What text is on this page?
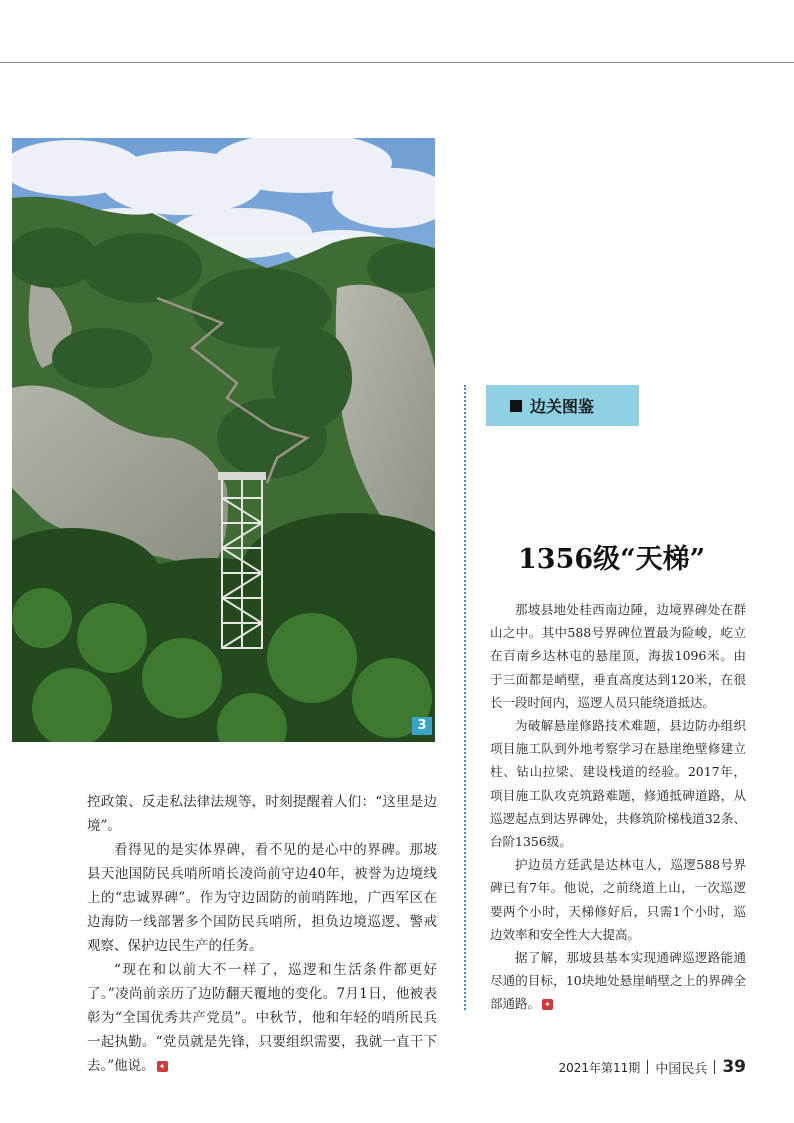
3

控政策、反走私法律法规等，时刻提醒着人们：“这里是边境”。

看得见的是实体界碑，看不见的是心中的界碑。那坡县天池国防民兵哨所哨长凌尚前守边40年，被誉为边境线上的“忠诚界碑”。作为守边固防的前哨阵地，广西军区在边海防一线部署多个国防民兵哨所，担负边境巡逻、警戒观察、保护边民生产的任务。

“现在和以前大不一样了，巡逻和生活条件都更好了。”凌尚前亲历了边防翻天覆地的变化。7月1日，他被表彰为“全国优秀共产党员”。中秋节，他和年轻的哨所民兵一起执勤。“党员就是先锋，只要组织需要，我就一直干下去。”他说。 ✦

边关图鉴
1356级“天梯”

那坡县地处桂西南边陲，边境界碑处在群山之中。其中588号界碑位置最为险峻，屹立在百南乡达林屯的悬崖顶，海拔1096米。由于三面都是峭壁，垂直高度达到120米，在很长一段时间内，巡逻人员只能绕道抵达。

为破解悬崖修路技术难题，县边防办组织项目施工队到外地考察学习在悬崖绝壁修建立柱、钻山拉梁、建设栈道的经验。2017年，项目施工队攻克筑路难题，修通抵碑道路，从巡逻起点到达界碑处，共修筑阶梯栈道32条、台阶1356级。

护边员方廷武是达林屯人，巡逻588号界碑已有7年。他说，之前绕道上山，一次巡逻要两个小时，天梯修好后，只需1个小时，巡边效率和安全性大大提高。

据了解，那坡县基本实现通碑巡逻路能通尽通的目标，10块地处悬崖峭壁之上的界碑全部通路。 ✦

2021年第11期 中国民兵 39
